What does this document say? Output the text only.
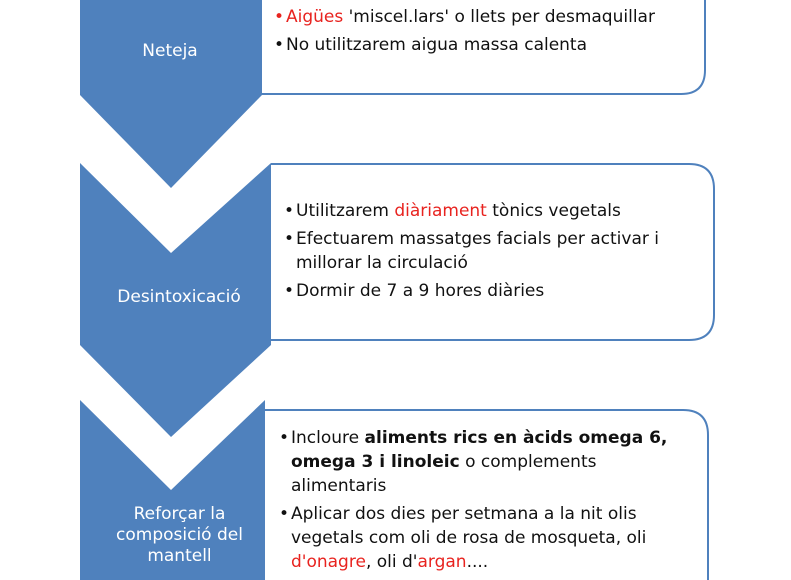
Neteja
Desintoxicació
Reforçar la composició del mantell
• Aigües 'miscel.lars' o llets per desmaquillar
• No utilitzarem aigua massa calenta
• Utilitzarem diàriament tònics vegetals
• Efectuarem massatges facials per activar i millorar la circulació
• Dormir de 7 a 9 hores diàries
• Incloure aliments rics en àcids omega 6, omega 3 i linoleic o complements alimentaris
• Aplicar dos dies per setmana a la nit olis vegetals com oli de rosa de mosqueta, oli d'onagre, oli d'argan....
